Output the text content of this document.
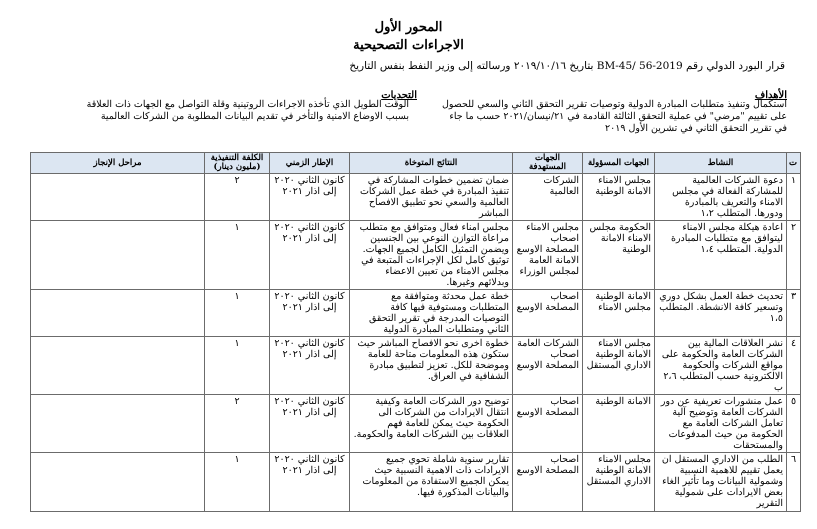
المحور الأول
الاجراءات التصحيحية
قرار البورد الدولي رقم BM-45/ 56-2019 بتاريخ ٢٠١٩/١٠/١٦ ورسالته إلى وزير النفط بنفس التاريخ
الأهداف
استكمال وتنفيذ متطلبات المبادرة الدولية وتوصيات تقرير التحقق الثاني والسعي للحصول على تقييم "مرضي" في عملية التحقق الثالثة القادمة في ٢١/نيسان/٢٠٢١ حسب ما جاء في تقرير التحقق الثاني في تشرين الأول ٢٠١٩
التحديات
الوقت الطويل الذي تأخذه الاجراءات الروتينية وقلة التواصل مع الجهات ذات العلاقة بسبب الاوضاع الامنية والتأخر في تقديم البيانات المطلوبة من الشركات العالمية
ت	النشاط	الجهات المسؤولة	الجهات المستهدفة	النتائج المتوخاة	الإطار الزمني	الكلفة التنفيذية (مليون دينار)	مراحل الإنجاز
١	دعوة الشركات العالمية للمشاركة الفعالة في مجلس الامناء والتعريف بالمبادرة ودورها. المتطلب ١،٢	مجلس الامناء الامانة الوطنية	الشركات العالمية	ضمان تضمين خطوات المشاركة في تنفيذ المبادرة في خطة عمل الشركات العالمية والسعي نحو تطبيق الافصاح المباشر	كانون الثاني ٢٠٢٠ إلى اذار ٢٠٢١	٢	
٢	اعادة هيكلة مجلس الامناء ليتوافق مع متطلبات المبادرة الدولية. المتطلب ١،٤	الحكومة مجلس الامناء الامانة الوطنية	مجلس الامناء اصحاب المصلحة الاوسع الامانة العامة لمجلس الوزراء	مجلس امناء فعال ومتوافق مع متطلب مراعاة التوازن النوعي بين الجنسين ويضمن التمثيل الكامل لجميع الجهات. توثيق كامل لكل الإجراءات المتبعة في مجلس الامناء من تعيين الاعضاء وبدلائهم وغيرها.	كانون الثاني ٢٠٢٠ إلى اذار ٢٠٢١	١	
٣	تحديث خطة العمل بشكل دوري وتسعير كافة الانشطة. المتطلب ١،٥	الامانة الوطنية مجلس الامناء	اصحاب المصلحة الاوسع	خطة عمل محدثة ومتوافقة مع المتطلبات ومستوفية فيها كافة التوصيات المدرجة في تقرير التحقق الثاني ومتطلبات المبادرة الدولية	كانون الثاني ٢٠٢٠ إلى اذار ٢٠٢١	١	
٤	نشر العلاقات المالية بين الشركات العامة والحكومة على مواقع الشركات والحكومة الالكترونية حسب المتطلب ٢،٦ ب	مجلس الامناء الامانة الوطنية الاداري المستقل	الشركات العامة اصحاب المصلحة الاوسع	خطوة اخرى نحو الافصاح المباشر حيث ستكون هذه المعلومات متاحة للعامة وموضحة للكل. تعزيز لتطبيق مبادرة الشفافية في العراق.	كانون الثاني ٢٠٢٠ إلى اذار ٢٠٢١	١	
٥	عمل منشورات تعريفية عن دور الشركات العامة وتوضيح آلية تعامل الشركات العامة مع الحكومة من حيث المدفوعات والمستحقات	الامانة الوطنية	اصحاب المصلحة الاوسع	توضيح دور الشركات العامة وكيفية انتقال الايرادات من الشركات الى الحكومة حيث يمكن للعامة فهم العلاقات بين الشركات العامة والحكومة.	كانون الثاني ٢٠٢٠ إلى اذار ٢٠٢١	٢	
٦	الطلب من الاداري المستقل ان يعمل تقييم للاهمية النسبية وشمولية البيانات وما تأثير الغاء بعض الايرادات على شمولية التقرير	مجلس الامناء الامانة الوطنية الاداري المستقل	اصحاب المصلحة الاوسع	تقارير سنوية شاملة تحوي جميع الايرادات ذات الاهمية النسبية حيث يمكن الجميع الاستفادة من المعلومات والبيانات المذكورة فيها.	كانون الثاني ٢٠٢٠ إلى اذار ٢٠٢١	١	
